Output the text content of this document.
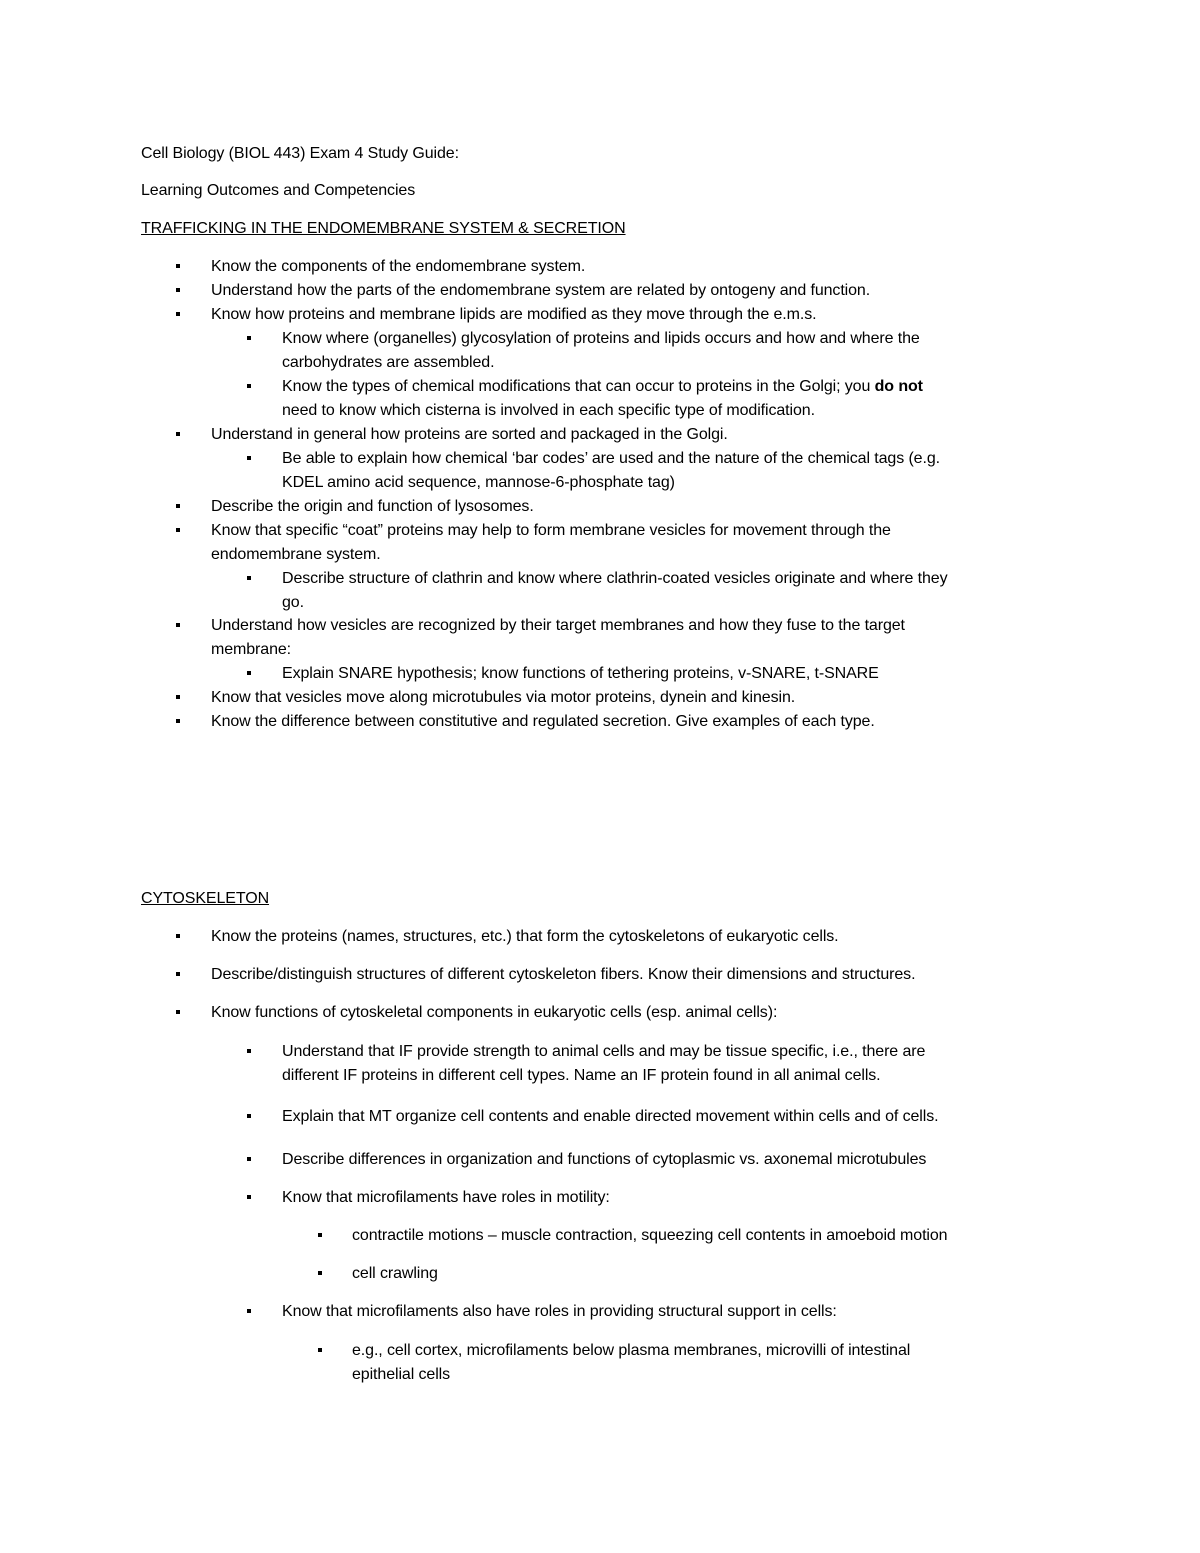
Cell Biology (BIOL 443) Exam 4 Study Guide:
Learning Outcomes and Competencies
TRAFFICKING IN THE ENDOMEMBRANE SYSTEM & SECRETION
Know the components of the endomembrane system.
Understand how the parts of the endomembrane system are related by ontogeny and function.
Know how proteins and membrane lipids are modified as they move through the e.m.s.
Know where (organelles) glycosylation of proteins and lipids occurs and how and where the
carbohydrates are assembled.
Know the types of chemical modifications that can occur to proteins in the Golgi; you do not
need to know which cisterna is involved in each specific type of modification.
Understand in general how proteins are sorted and packaged in the Golgi.
Be able to explain how chemical ‘bar codes’ are used and the nature of the chemical tags (e.g.
KDEL amino acid sequence, mannose-6-phosphate tag)
Describe the origin and function of lysosomes.
Know that specific “coat” proteins may help to form membrane vesicles for movement through the
endomembrane system.
Describe structure of clathrin and know where clathrin-coated vesicles originate and where they
go.
Understand how vesicles are recognized by their target membranes and how they fuse to the target
membrane:
Explain SNARE hypothesis; know functions of tethering proteins, v-SNARE, t-SNARE
Know that vesicles move along microtubules via motor proteins, dynein and kinesin.
Know the difference between constitutive and regulated secretion. Give examples of each type.
CYTOSKELETON
Know the proteins (names, structures, etc.) that form the cytoskeletons of eukaryotic cells.
Describe/distinguish structures of different cytoskeleton fibers. Know their dimensions and structures.
Know functions of cytoskeletal components in eukaryotic cells (esp. animal cells):
Understand that IF provide strength to animal cells and may be tissue specific, i.e., there are
different IF proteins in different cell types. Name an IF protein found in all animal cells.
Explain that MT organize cell contents and enable directed movement within cells and of cells.
Describe differences in organization and functions of cytoplasmic vs. axonemal microtubules
Know that microfilaments have roles in motility:
contractile motions – muscle contraction, squeezing cell contents in amoeboid motion
cell crawling
Know that microfilaments also have roles in providing structural support in cells:
e.g., cell cortex, microfilaments below plasma membranes, microvilli of intestinal
epithelial cells
